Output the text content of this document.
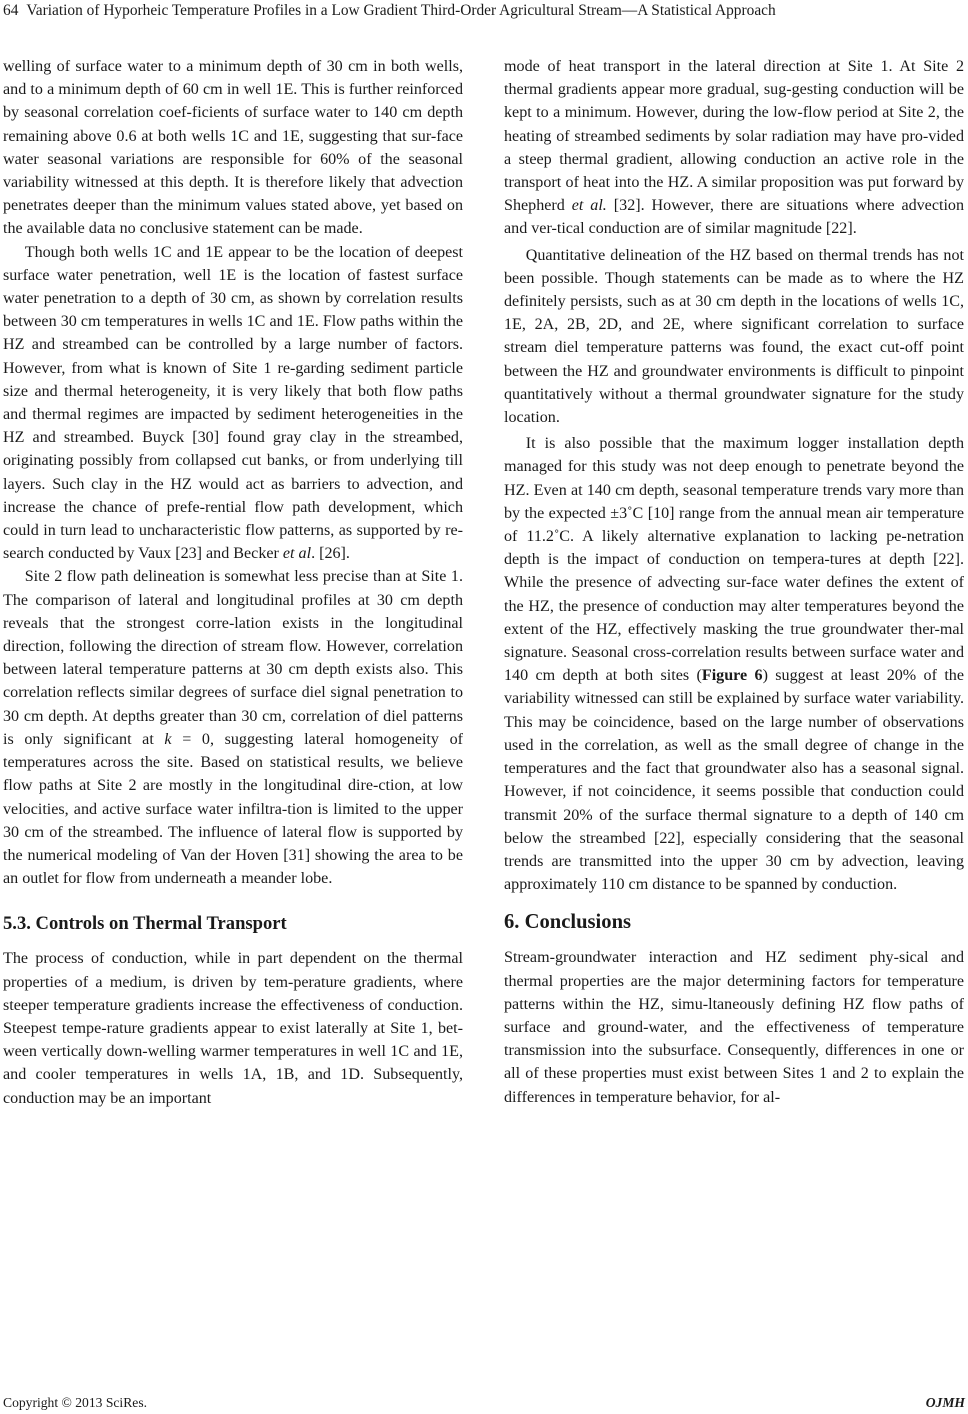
64 Variation of Hyporheic Temperature Profiles in a Low Gradient Third-Order Agricultural Stream—A Statistical Approach

welling of surface water to a minimum depth of 30 cm in both wells, and to a minimum depth of 60 cm in well 1E. This is further reinforced by seasonal correlation coef-ficients of surface water to 140 cm depth remaining above 0.6 at both wells 1C and 1E, suggesting that sur-face water seasonal variations are responsible for 60% of the seasonal variability witnessed at this depth. It is therefore likely that advection penetrates deeper than the minimum values stated above, yet based on the available data no conclusive statement can be made.

Though both wells 1C and 1E appear to be the location of deepest surface water penetration, well 1E is the location of fastest surface water penetration to a depth of 30 cm, as shown by correlation results between 30 cm temperatures in wells 1C and 1E. Flow paths within the HZ and streambed can be controlled by a large number of factors. However, from what is known of Site 1 re-garding sediment particle size and thermal heterogeneity, it is very likely that both flow paths and thermal regimes are impacted by sediment heterogeneities in the HZ and streambed. Buyck [30] found gray clay in the streambed, originating possibly from collapsed cut banks, or from underlying till layers. Such clay in the HZ would act as barriers to advection, and increase the chance of prefe-rential flow path development, which could in turn lead to uncharacteristic flow patterns, as supported by re-search conducted by Vaux [23] and Becker et al. [26].

Site 2 flow path delineation is somewhat less precise than at Site 1. The comparison of lateral and longitudinal profiles at 30 cm depth reveals that the strongest corre-lation exists in the longitudinal direction, following the direction of stream flow. However, correlation between lateral temperature patterns at 30 cm depth exists also. This correlation reflects similar degrees of surface diel signal penetration to 30 cm depth. At depths greater than 30 cm, correlation of diel patterns is only significant at k = 0, suggesting lateral homogeneity of temperatures across the site. Based on statistical results, we believe flow paths at Site 2 are mostly in the longitudinal dire-ction, at low velocities, and active surface water infiltra-tion is limited to the upper 30 cm of the streambed. The influence of lateral flow is supported by the numerical modeling of Van der Hoven [31] showing the area to be an outlet for flow from underneath a meander lobe.

5.3. Controls on Thermal Transport

The process of conduction, while in part dependent on the thermal properties of a medium, is driven by tem-perature gradients, where steeper temperature gradients increase the effectiveness of conduction. Steepest tempe-rature gradients appear to exist laterally at Site 1, bet-ween vertically down-welling warmer temperatures in well 1C and 1E, and cooler temperatures in wells 1A, 1B, and 1D. Subsequently, conduction may be an important

mode of heat transport in the lateral direction at Site 1. At Site 2 thermal gradients appear more gradual, sug-gesting conduction will be kept to a minimum. However, during the low-flow period at Site 2, the heating of streambed sediments by solar radiation may have pro-vided a steep thermal gradient, allowing conduction an active role in the transport of heat into the HZ. A similar proposition was put forward by Shepherd et al. [32]. However, there are situations where advection and ver-tical conduction are of similar magnitude [22].

Quantitative delineation of the HZ based on thermal trends has not been possible. Though statements can be made as to where the HZ definitely persists, such as at 30 cm depth in the locations of wells 1C, 1E, 2A, 2B, 2D, and 2E, where significant correlation to surface stream diel temperature patterns was found, the exact cut-off point between the HZ and groundwater environments is difficult to pinpoint quantitatively without a thermal groundwater signature for the study location.

It is also possible that the maximum logger installation depth managed for this study was not deep enough to penetrate beyond the HZ. Even at 140 cm depth, seasonal temperature trends vary more than by the expected ±3˚C [10] range from the annual mean air temperature of 11.2˚C. A likely alternative explanation to lacking pe-netration depth is the impact of conduction on tempera-tures at depth [22]. While the presence of advecting sur-face water defines the extent of the HZ, the presence of conduction may alter temperatures beyond the extent of the HZ, effectively masking the true groundwater ther-mal signature. Seasonal cross-correlation results between surface water and 140 cm depth at both sites (Figure 6) suggest at least 20% of the variability witnessed can still be explained by surface water variability. This may be coincidence, based on the large number of observations used in the correlation, as well as the small degree of change in the temperatures and the fact that groundwater also has a seasonal signal. However, if not coincidence, it seems possible that conduction could transmit 20% of the surface thermal signature to a depth of 140 cm below the streambed [22], especially considering that the seasonal trends are transmitted into the upper 30 cm by advection, leaving approximately 110 cm distance to be spanned by conduction.

6. Conclusions

Stream-groundwater interaction and HZ sediment phy-sical and thermal properties are the major determining factors for temperature patterns within the HZ, simu-ltaneously defining HZ flow paths of surface and ground-water, and the effectiveness of temperature transmission into the subsurface. Consequently, differences in one or all of these properties must exist between Sites 1 and 2 to explain the differences in temperature behavior, for al-

Copyright © 2013 SciRes.	OJMH
